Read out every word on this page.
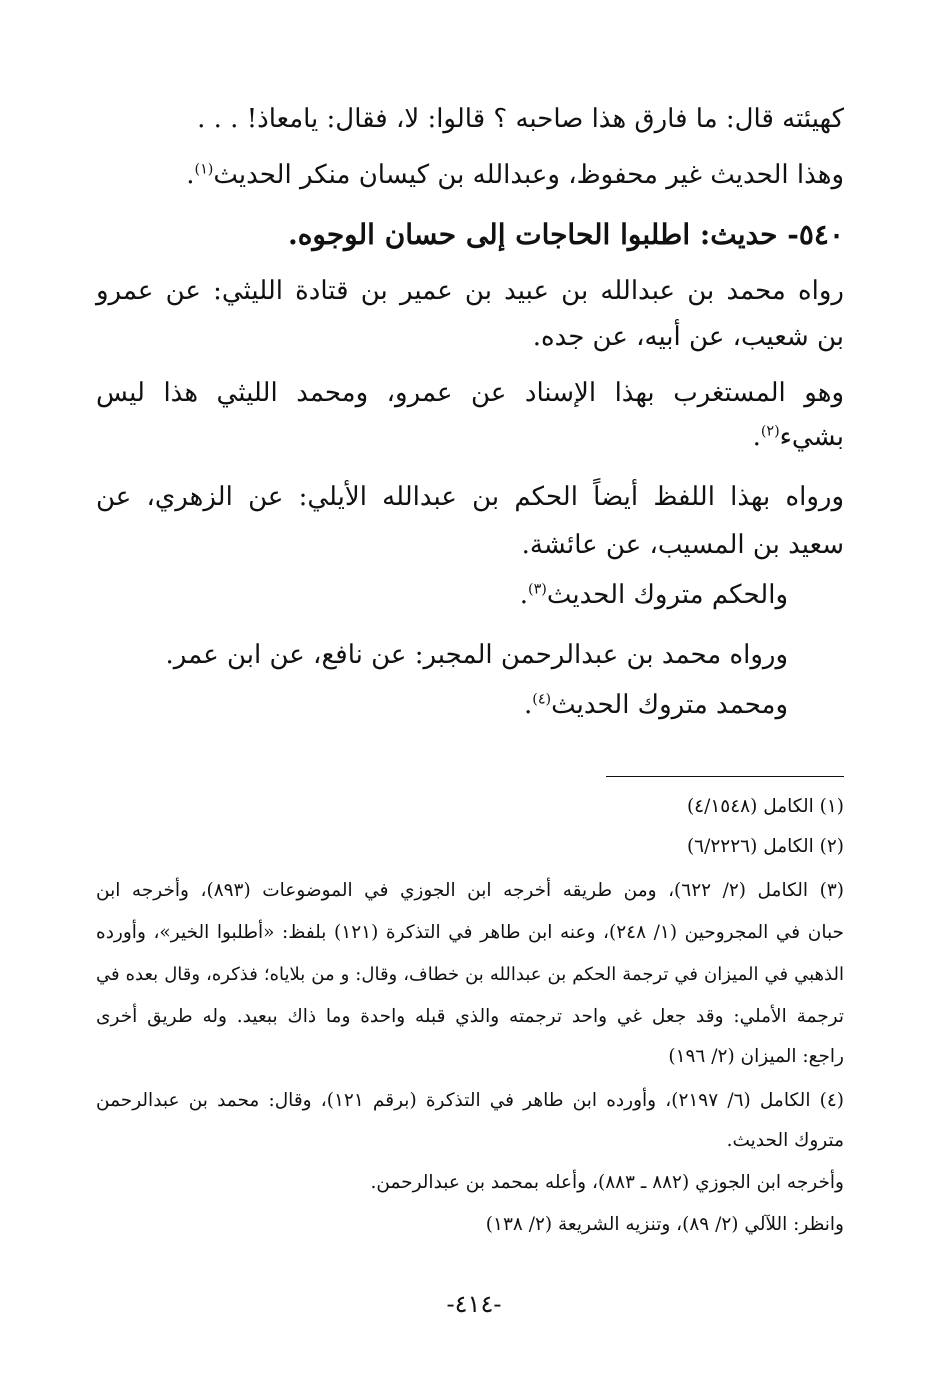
كهيئته قال: ما فارق هذا صاحبه ؟ قالوا: لا، فقال: يامعاذ! . . .
وهذا الحديث غير محفوظ، وعبدالله بن كيسان منكر الحديث$^{(١)}$.
٥٤٠- حديث: اطلبوا الحاجات إلى حسان الوجوه.
رواه محمد بن عبدالله بن عبيد بن عمير بن قتادة الليثي: عن عمرو
بن شعيب، عن أبيه، عن جده.
وهو المستغرب بهذا الإسناد عن عمرو، ومحمد الليثي هذا ليس
بشيء$^{(٢)}$.
ورواه بهذا اللفظ أيضاً الحكم بن عبدالله الأيلي: عن الزهري، عن
سعيد بن المسيب، عن عائشة.
والحكم متروك الحديث$^{(٣)}$.
ورواه محمد بن عبدالرحمن المجبر: عن نافع، عن ابن عمر.
ومحمد متروك الحديث$^{(٤)}$.
(١) الكامل (٤/١٥٤٨)
(٢) الكامل (٦/٢٢٢٦)
(٣) الكامل (٢/ ٦٢٢)، ومن طريقه أخرجه ابن الجوزي في الموضوعات (٨٩٣)، وأخرجه ابن
حبان في المجروحين (١/ ٢٤٨)، وعنه ابن طاهر في التذكرة (١٢١) بلفظ: «أطلبوا الخير»، وأورده
الذهبي في الميزان في ترجمة الحكم بن عبدالله بن خطاف، وقال: و من بلاياه؛ فذكره، وقال بعده في
ترجمة الأملي: وقد جعل غي واحد ترجمته والذي قبله واحدة وما ذاك ببعيد. وله طريق أخرى
راجع: الميزان (٢/ ١٩٦)
(٤) الكامل (٦/ ٢١٩٧)، وأورده ابن طاهر في التذكرة (برقم ١٢١)، وقال: محمد بن عبدالرحمن
متروك الحديث.
وأخرجه ابن الجوزي (٨٨٢ ـ ٨٨٣)، وأعله بمحمد بن عبدالرحمن.
وانظر: اللآلي (٢/ ٨٩)، وتنزيه الشريعة (٢/ ١٣٨)
-٤١٤-
